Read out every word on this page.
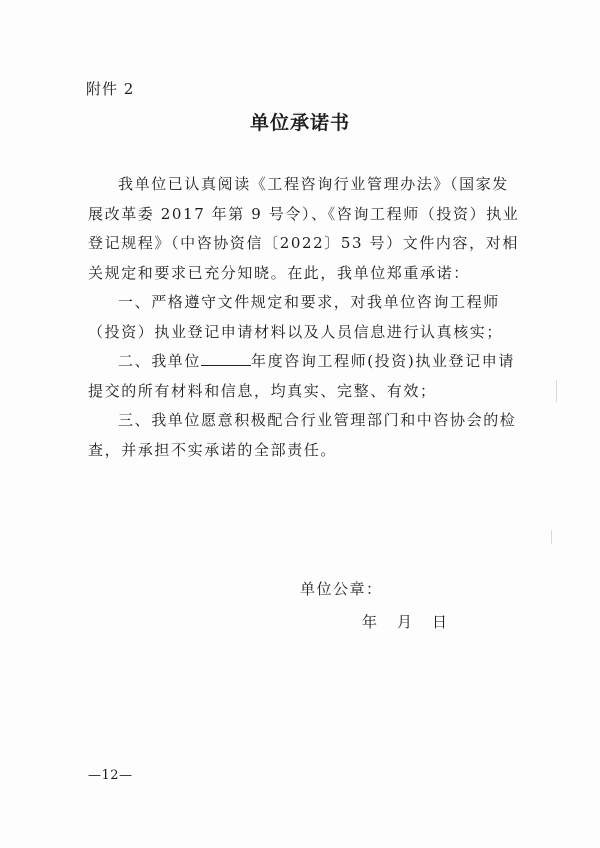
附件 2
单位承诺书

我单位已认真阅读《工程咨询行业管理办法》（国家发展改革委 2017 年第 9 号令）、《咨询工程师（投资）执业登记规程》（中咨协资信〔2022〕53 号）文件内容，对相关规定和要求已充分知晓。在此，我单位郑重承诺：

一、严格遵守文件规定和要求，对我单位咨询工程师（投资）执业登记申请材料以及人员信息进行认真核实；

二、我单位	年度咨询工程师(投资)执业登记申请提交的所有材料和信息，均真实、完整、有效；

三、我单位愿意积极配合行业管理部门和中咨协会的检查，并承担不实承诺的全部责任。

单位公章：
年 月 日
—12—
